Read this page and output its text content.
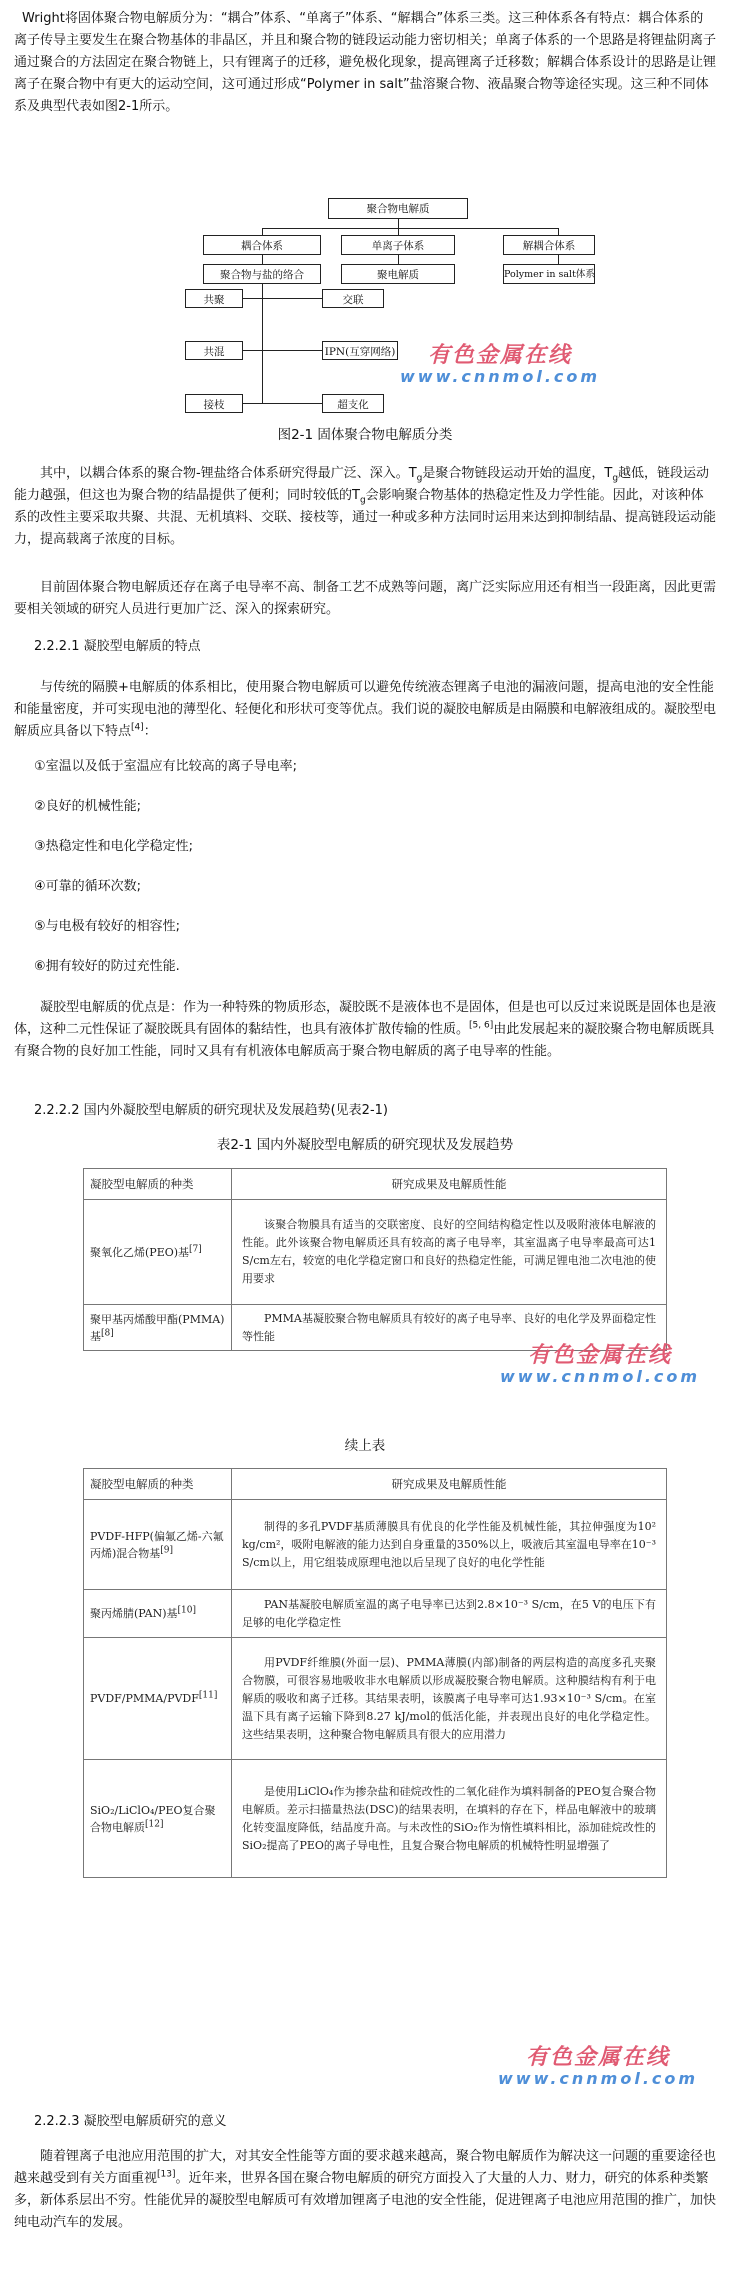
Wright将固体聚合物电解质分为：“耦合”体系、“单离子”体系、“解耦合”体系三类。这三种体系各有特点：耦合体系的离子传导主要发生在聚合物基体的非晶区，并且和聚合物的链段运动能力密切相关；单离子体系的一个思路是将锂盐阴离子通过聚合的方法固定在聚合物链上，只有锂离子的迁移，避免极化现象，提高锂离子迁移数；解耦合体系设计的思路是让锂离子在聚合物中有更大的运动空间，这可通过形成“Polymer in salt”盐溶聚合物、液晶聚合物等途径实现。这三种不同体系及典型代表如图2-1所示。

聚合物电解质
耦合体系	单离子体系	解耦合体系
聚合物与盐的络合	聚电解质	Polymer in salt体系
共聚
共混
接枝
交联
IPN(互穿网络)
超支化
有色金属在线
www.cnnmol.com

图2-1 固体聚合物电解质分类

其中，以耦合体系的聚合物-锂盐络合体系研究得最广泛、深入。$T_g$是聚合物链段运动开始的温度，$T_g$越低，链段运动能力越强，但这也为聚合物的结晶提供了便利；同时较低的$T_g$会影响聚合物基体的热稳定性及力学性能。因此，对该种体系的改性主要采取共聚、共混、无机填料、交联、接枝等，通过一种或多种方法同时运用来达到抑制结晶、提高链段运动能力，提高载离子浓度的目标。

目前固体聚合物电解质还存在离子电导率不高、制备工艺不成熟等问题，离广泛实际应用还有相当一段距离，因此更需要相关领域的研究人员进行更加广泛、深入的探索研究。

2.2.2.1 凝胶型电解质的特点

与传统的隔膜+电解质的体系相比，使用聚合物电解质可以避免传统液态锂离子电池的漏液问题，提高电池的安全性能和能量密度，并可实现电池的薄型化、轻便化和形状可变等优点。我们说的凝胶电解质是由隔膜和电解液组成的。凝胶型电解质应具备以下特点[4]：

①室温以及低于室温应有比较高的离子导电率;

②良好的机械性能;

③热稳定性和电化学稳定性;

④可靠的循环次数;

⑤与电极有较好的相容性;

⑥拥有较好的防过充性能.

凝胶型电解质的优点是：作为一种特殊的物质形态，凝胶既不是液体也不是固体，但是也可以反过来说既是固体也是液体，这种二元性保证了凝胶既具有固体的黏结性，也具有液体扩散传输的性质。[5, 6]由此发展起来的凝胶聚合物电解质既具有聚合物的良好加工性能，同时又具有有机液体电解质高于聚合物电解质的离子电导率的性能。

2.2.2.2 国内外凝胶型电解质的研究现状及发展趋势(见表2-1)

表2-1 国内外凝胶型电解质的研究现状及发展趋势

凝胶型电解质的种类	研究成果及电解质性能
聚氧化乙烯(PEO)基[7]	该聚合物膜具有适当的交联密度、良好的空间结构稳定性以及吸附液体电解液的性能。此外该聚合物电解质还具有较高的离子电导率，其室温离子电导率最高可达1 S/cm左右，较宽的电化学稳定窗口和良好的热稳定性能，可满足锂电池二次电池的使用要求
聚甲基丙烯酸甲酯(PMMA)基[8]	PMMA基凝胶聚合物电解质具有较好的离子电导率、良好的电化学及界面稳定性等性能
有色金属在线
www.cnnmol.com

续上表

凝胶型电解质的种类	研究成果及电解质性能
PVDF-HFP(偏氟乙烯-六氟丙烯)混合物基[9]	制得的多孔PVDF基质薄膜具有优良的化学性能及机械性能，其拉伸强度为10² kg/cm²，吸附电解液的能力达到自身重量的350%以上，吸液后其室温电导率在10⁻³ S/cm以上，用它组装成原理电池以后呈现了良好的电化学性能
聚丙烯腈(PAN)基[10]	PAN基凝胶电解质室温的离子电导率已达到2.8×10⁻³ S/cm，在5 V的电压下有足够的电化学稳定性
PVDF/PMMA/PVDF[11]	用PVDF纤维膜(外面一层)、PMMA薄膜(内部)制备的两层构造的高度多孔夹聚合物膜，可很容易地吸收非水电解质以形成凝胶聚合物电解质。这种膜结构有利于电解质的吸收和离子迁移。其结果表明，该膜离子电导率可达1.93×10⁻³ S/cm。在室温下具有离子运输下降到8.27 kJ/mol的低活化能，并表现出良好的电化学稳定性。这些结果表明，这种聚合物电解质具有很大的应用潜力
SiO₂/LiClO₄/PEO复合聚合物电解质[12]	是使用LiClO₄作为掺杂盐和硅烷改性的二氧化硅作为填料制备的PEO复合聚合物电解质。差示扫描量热法(DSC)的结果表明，在填料的存在下，样品电解液中的玻璃化转变温度降低，结晶度升高。与未改性的SiO₂作为惰性填料相比，添加硅烷改性的SiO₂提高了PEO的离子导电性，且复合聚合物电解质的机械特性明显增强了
有色金属在线
www.cnnmol.com

2.2.2.3 凝胶型电解质研究的意义

随着锂离子电池应用范围的扩大，对其安全性能等方面的要求越来越高，聚合物电解质作为解决这一问题的重要途径也越来越受到有关方面重视[13]。近年来，世界各国在聚合物电解质的研究方面投入了大量的人力、财力，研究的体系种类繁多，新体系层出不穷。性能优异的凝胶型电解质可有效增加锂离子电池的安全性能，促进锂离子电池应用范围的推广，加快纯电动汽车的发展。
